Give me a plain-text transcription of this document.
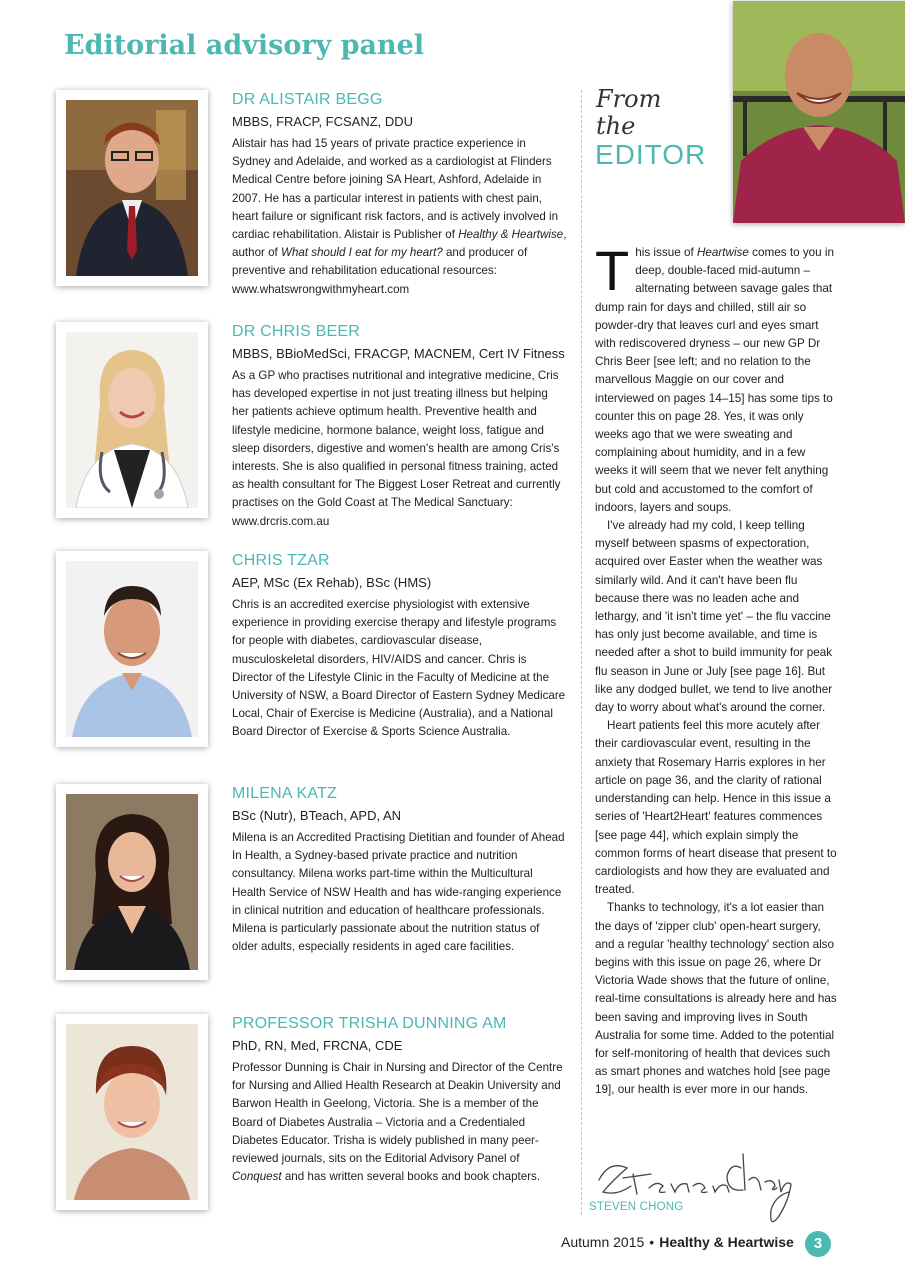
Editorial advisory panel
DR ALISTAIR BEGG
MBBS, FRACP, FCSANZ, DDU

Alistair has had 15 years of private practice experience in Sydney and Adelaide, and worked as a cardiologist at Flinders Medical Centre before joining SA Heart, Ashford, Adelaide in 2007. He has a particular interest in patients with chest pain, heart failure or significant risk factors, and is actively involved in cardiac rehabilitation. Alistair is Publisher of Healthy & Heartwise, author of What should I eat for my heart? and producer of preventive and rehabilitation educational resources: www.whatswrongwithmyheart.com

DR CHRIS BEER
MBBS, BBioMedSci, FRACGP, MACNEM, Cert IV Fitness

As a GP who practises nutritional and integrative medicine, Cris has developed expertise in not just treating illness but helping her patients achieve optimum health. Preventive health and lifestyle medicine, hormone balance, weight loss, fatigue and sleep disorders, digestive and women's health are among Cris's interests. She is also qualified in personal fitness training, acted as health consultant for The Biggest Loser Retreat and currently practises on the Gold Coast at The Medical Sanctuary: www.drcris.com.au

CHRIS TZAR
AEP, MSc (Ex Rehab), BSc (HMS)

Chris is an accredited exercise physiologist with extensive experience in providing exercise therapy and lifestyle programs for people with diabetes, cardiovascular disease, musculoskeletal disorders, HIV/AIDS and cancer. Chris is Director of the Lifestyle Clinic in the Faculty of Medicine at the University of NSW, a Board Director of Eastern Sydney Medicare Local, Chair of Exercise is Medicine (Australia), and a National Board Director of Exercise & Sports Science Australia.

MILENA KATZ
BSc (Nutr), BTeach, APD, AN

Milena is an Accredited Practising Dietitian and founder of Ahead In Health, a Sydney-based private practice and nutrition consultancy. Milena works part-time within the Multicultural Health Service of NSW Health and has wide-ranging experience in clinical nutrition and education of healthcare professionals. Milena is particularly passionate about the nutrition status of older adults, especially residents in aged care facilities.

PROFESSOR TRISHA DUNNING AM
PhD, RN, Med, FRCNA, CDE

Professor Dunning is Chair in Nursing and Director of the Centre for Nursing and Allied Health Research at Deakin University and Barwon Health in Geelong, Victoria. She is a member of the Board of Diabetes Australia – Victoria and a Credentialed Diabetes Educator. Trisha is widely published in many peer-reviewed journals, sits on the Editorial Advisory Panel of Conquest and has written several books and book chapters.

From
the
EDITOR

This issue of Heartwise comes to you in deep, double-faced mid-autumn – alternating between savage gales that dump rain for days and chilled, still air so powder-dry that leaves curl and eyes smart with rediscovered dryness – our new GP Dr Chris Beer [see left; and no relation to the marvellous Maggie on our cover and interviewed on pages 14–15] has some tips to counter this on page 28. Yes, it was only weeks ago that we were sweating and complaining about humidity, and in a few weeks it will seem that we never felt anything but cold and accustomed to the comfort of indoors, layers and soups.

I've already had my cold, I keep telling myself between spasms of expectoration, acquired over Easter when the weather was similarly wild. And it can't have been flu because there was no leaden ache and lethargy, and 'it isn't time yet' – the flu vaccine has only just become available, and time is needed after a shot to build immunity for peak flu season in June or July [see page 16]. But like any dodged bullet, we tend to live another day to worry about what's around the corner.

Heart patients feel this more acutely after their cardiovascular event, resulting in the anxiety that Rosemary Harris explores in her article on page 36, and the clarity of rational understanding can help. Hence in this issue a series of 'Heart2Heart' features commences [see page 44], which explain simply the common forms of heart disease that present to cardiologists and how they are evaluated and treated.

Thanks to technology, it's a lot easier than the days of 'zipper club' open-heart surgery, and a regular 'healthy technology' section also begins with this issue on page 26, where Dr Victoria Wade shows that the future of online, real-time consultations is already here and has been saving and improving lives in South Australia for some time. Added to the potential for self-monitoring of health that devices such as smart phones and watches hold [see page 19], our health is ever more in our hands.

STEVEN CHONG
Autumn 2015 • Healthy & Heartwise	3
